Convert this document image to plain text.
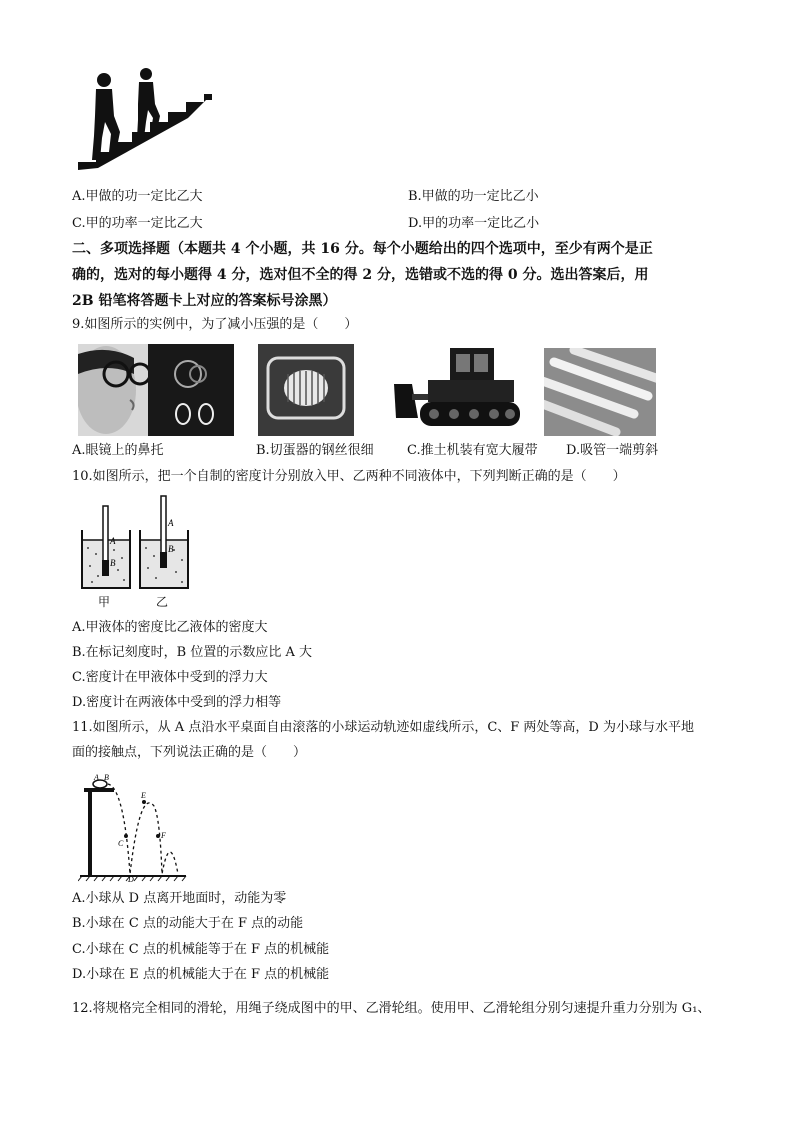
A.甲做的功一定比乙大	B.甲做的功一定比乙小
C.甲的功率一定比乙大	D.甲的功率一定比乙小
二、多项选择题（本题共 4 个小题，共 16 分。每个小题给出的四个选项中，至少有两个是正
确的，选对的每小题得 4 分，选对但不全的得 2 分，选错或不选的得 0 分。选出答案后，用
2B 铅笔将答题卡上对应的答案标号涂黑）
9.如图所示的实例中，为了减小压强的是（　　）
A.眼镜上的鼻托	B.切蛋器的钢丝很细	C.推土机装有宽大履带 D.吸管一端剪斜
10.如图所示，把一个自制的密度计分别放入甲、乙两种不同液体中，下列判断正确的是（　　）
A
B
A
B
甲	乙
A.甲液体的密度比乙液体的密度大
B.在标记刻度时，B 位置的示数应比 A 大
C.密度计在甲液体中受到的浮力大
D.密度计在两液体中受到的浮力相等
11.如图所示，从 A 点沿水平桌面自由滚落的小球运动轨迹如虚线所示，C、F 两处等高，D 为小球与水平地
面的接触点，下列说法正确的是（　　）
A B
C
D
E
F
A.小球从 D 点离开地面时，动能为零
B.小球在 C 点的动能大于在 F 点的动能
C.小球在 C 点的机械能等于在 F 点的机械能
D.小球在 E 点的机械能大于在 F 点的机械能
12.将规格完全相同的滑轮，用绳子绕成图中的甲、乙滑轮组。使用甲、乙滑轮组分别匀速提升重力分别为 G₁、
